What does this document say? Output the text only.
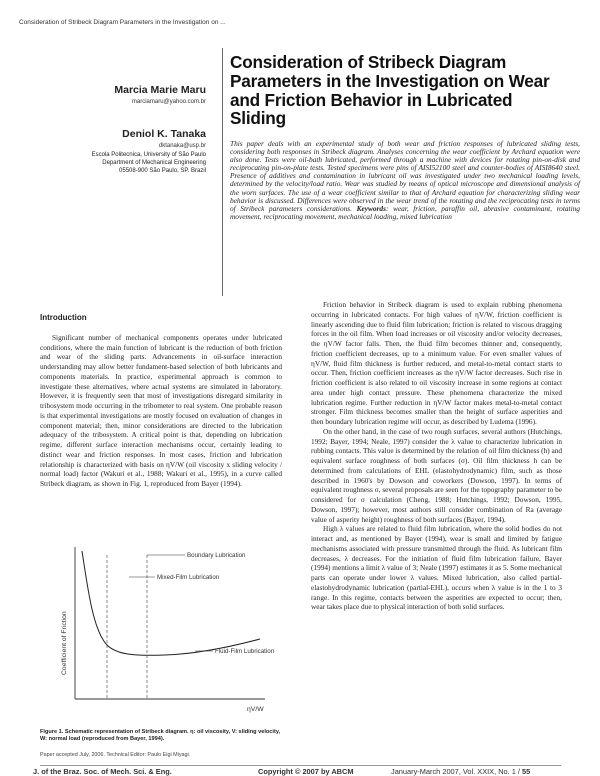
Consideration of Stribeck Diagram Parameters in the Investigation on ...
Marcia Marie Maru
marciamaru@yahoo.com.br
Deniol K. Tanaka
dktanaka@usp.br
Escola Politecnica, University of São Paulo
Department of Mechanical Engineering
05508-900 São Paulo, SP. Brazil
Consideration of Stribeck Diagram Parameters in the Investigation on Wear and Friction Behavior in Lubricated Sliding
This paper deals with an experimental study of both wear and friction responses of lubricated sliding tests, considering both responses in Stribeck diagram. Analyses concerning the wear coefficient by Archard equation were also done. Tests were oil-bath lubricated, performed through a machine with devices for rotating pin-on-disk and reciprocating pin-on-plate tests. Tested specimens were pins of AISI52100 steel and counter-bodies of AISI8640 steel. Presence of additives and contamination in lubricant oil was investigated under two mechanical loading levels, determined by the velocity/load ratio. Wear was studied by means of optical microscope and dimensional analysis of the worn surfaces. The use of a wear coefficient similar to that of Archard equation for characterizing sliding wear behavior is discussed. Differences were observed in the wear trend of the rotating and the reciprocating tests in terms of Stribeck parameters considerations. Keywords: wear, friction, paraffin oil, abrasive contaminant, rotating movement, reciprocating movement, mechanical loading, mixed lubrication
Introduction

Significant number of mechanical components operates under lubricated conditions, where the main function of lubricant is the reduction of both friction and wear of the sliding parts. Advancements in oil-surface interaction understanding may allow better fundament-based selection of both lubricants and components materials. In practice, experimental approach is common to investigate these alternatives, where actual systems are simulated in laboratory. However, it is frequently seen that most of investigations disregard similarity in tribosystem mode occurring in the tribometer to real system. One probable reason is that experimental investigations are mostly focused on evaluation of changes in component material; then, minor considerations are directed to the lubrication adequacy of the tribosystem. A critical point is that, depending on lubrication regime, different surface interaction mechanisms occur, certainly leading to distinct wear and friction responses. In most cases, friction and lubrication relationship is characterized with basis on ηV/W (oil viscosity x sliding velocity / normal load) factor (Wakuri et al., 1988; Wakuri et al., 1995), in a curve called Stribeck diagram, as shown in Fig. 1, reproduced from Bayer (1994).

Boundary Lubrication
Mixed-Film Lubrication
Fluid-Film Lubrication
Coefficient of Friction
ηV/W
Figure 1. Schematic representation of Stribeck diagram. η: oil viscosity, V: sliding velocity, W: normal load (reproduced from Bayer, 1994).
Paper accepted July, 2006. Technical Editor: Paulo Eigi Miyagi.

Friction behavior in Stribeck diagram is used to explain rubbing phenomena occurring in lubricated contacts. For high values of ηV/W, friction coefficient is linearly ascending due to fluid film lubrication; friction is related to viscous dragging forces in the oil film. When load increases or oil viscosity and/or velocity decreases, the ηV/W factor falls. Then, the fluid film becomes thinner and, consequently, friction coefficient decreases, up to a minimum value. For even smaller values of ηV/W, fluid film thickness is further reduced, and metal-to-metal contact starts to occur. Then, friction coefficient increases as the ηV/W factor decreases. Such rise in friction coefficient is also related to oil viscosity increase in some regions at contact area under high contact pressure. These phenomena characterize the mixed lubrication regime. Further reduction in ηV/W factor makes metal-to-metal contact stronger. Film thickness becomes smaller than the height of surface asperities and then boundary lubrication regime will occur, as described by Ludema (1996).

On the other hand, in the case of two rough surfaces, several authors (Hutchings, 1992; Bayer, 1994; Neale, 1997) consider the λ value to characterize lubrication in rubbing contacts. This value is determined by the relation of oil film thickness (h) and equivalent surface roughness of both surfaces (σ). Oil film thickness h can be determined from calculations of EHL (elastohydrodynamic) film, such as those described in 1960's by Dowson and coworkers (Dowson, 1997). In terms of equivalent roughness σ, several proposals are seen for the topography parameter to be considered for σ calculation (Cheng, 1988; Hutchings, 1992; Dowson, 1995, Dowson, 1997); however, most authors still consider combination of Ra (average value of asperity height) roughness of both surfaces (Bayer, 1994).

High λ values are related to fluid film lubrication, where the solid bodies do not interact and, as mentioned by Bayer (1994), wear is small and limited by fatigue mechanisms associated with pressure transmitted through the fluid. As lubricant film decreases, λ decreases. For the initiation of fluid film lubrication failure, Bayer (1994) mentions a limit λ value of 3; Neale (1997) estimates it as 5. Some mechanical parts can operate under lower λ values. Mixed lubrication, also called partial-elastohydrodynamic lubrication (partial-EHL), occurs when λ value is in the 1 to 3 range. In this regime, contacts between the asperities are expected to occur; then, wear takes place due to physical interaction of both solid surfaces.

J. of the Braz. Soc. of Mech. Sci. & Eng.	Copyright © 2007 by ABCM	January-March 2007, Vol. XXIX, No. 1 / 55
